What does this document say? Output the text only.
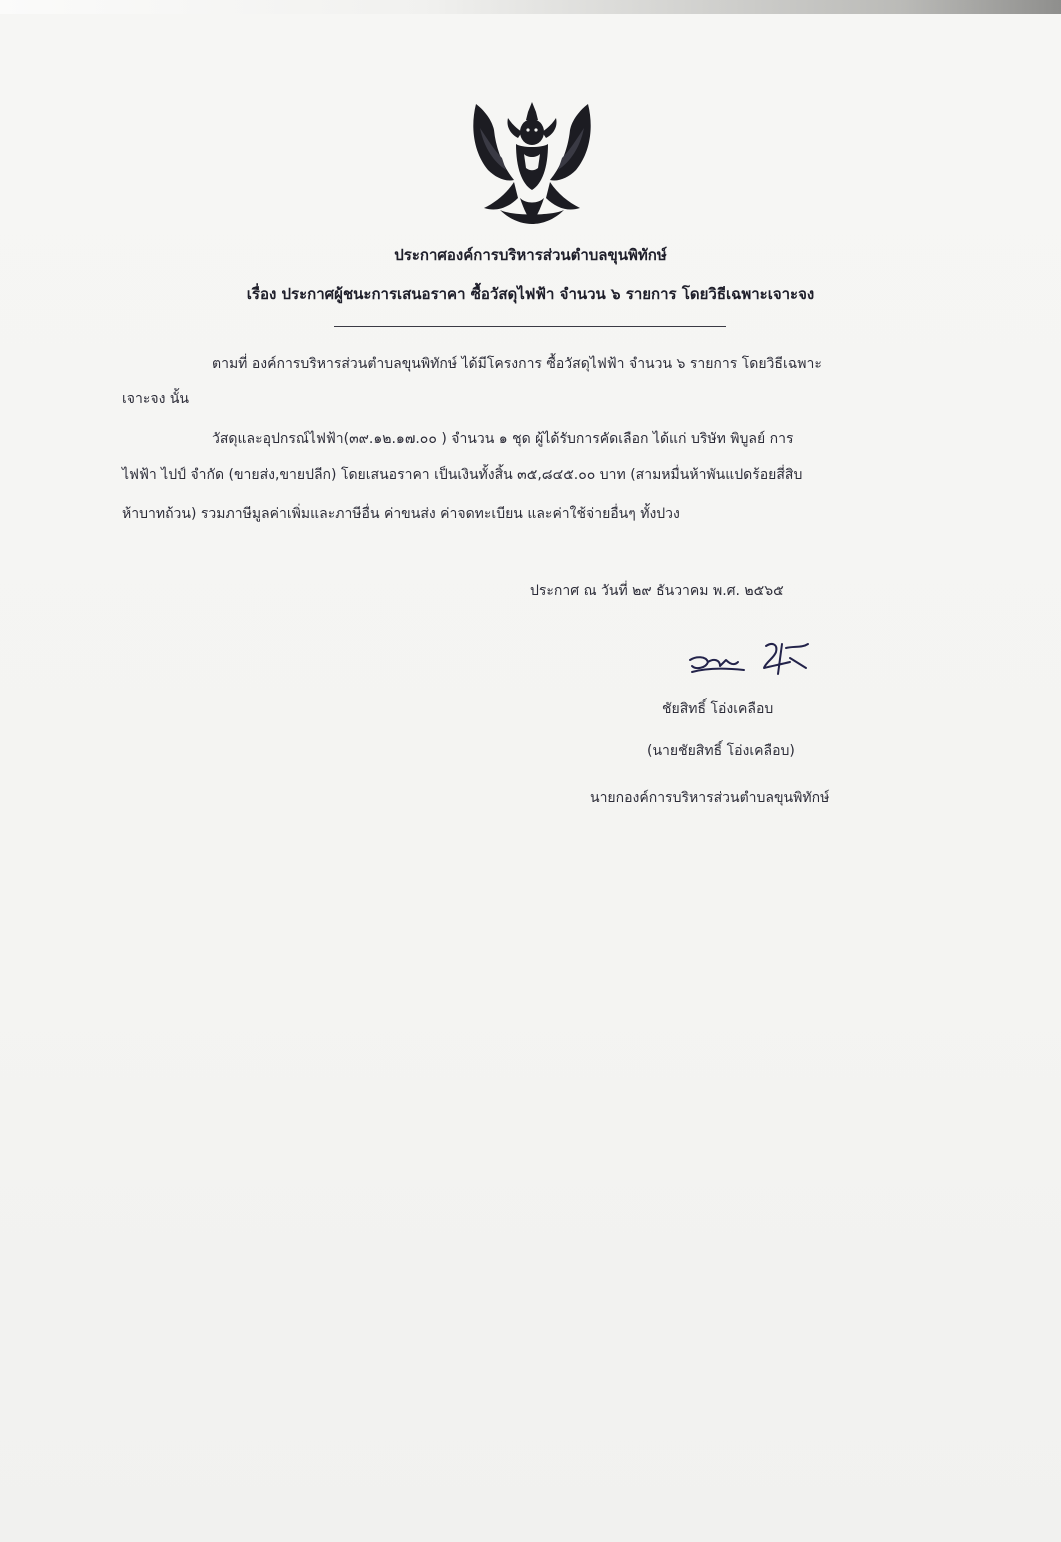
ประกาศองค์การบริหารส่วนตำบลขุนพิทักษ์
เรื่อง ประกาศผู้ชนะการเสนอราคา ซื้อวัสดุไฟฟ้า จำนวน ๖ รายการ โดยวิธีเฉพาะเจาะจง
ตามที่ องค์การบริหารส่วนตำบลขุนพิทักษ์ ได้มีโครงการ ซื้อวัสดุไฟฟ้า จำนวน ๖ รายการ โดยวิธีเฉพาะ
เจาะจง นั้น
วัสดุและอุปกรณ์ไฟฟ้า(๓๙.๑๒.๑๗.๐๐ ) จำนวน ๑ ชุด ผู้ได้รับการคัดเลือก ได้แก่ บริษัท พิบูลย์ การ
ไฟฟ้า ไปป์ จำกัด (ขายส่ง,ขายปลีก) โดยเสนอราคา เป็นเงินทั้งสิ้น ๓๕,๘๔๕.๐๐ บาท (สามหมื่นห้าพันแปดร้อยสี่สิบ
ห้าบาทถ้วน) รวมภาษีมูลค่าเพิ่มและภาษีอื่น ค่าขนส่ง ค่าจดทะเบียน และค่าใช้จ่ายอื่นๆ ทั้งปวง
ประกาศ ณ วันที่ ๒๙ ธันวาคม พ.ศ. ๒๕๖๕
ชัยสิทธิ์ โอ่งเคลือบ
(นายชัยสิทธิ์ โอ่งเคลือบ)
นายกองค์การบริหารส่วนตำบลขุนพิทักษ์
